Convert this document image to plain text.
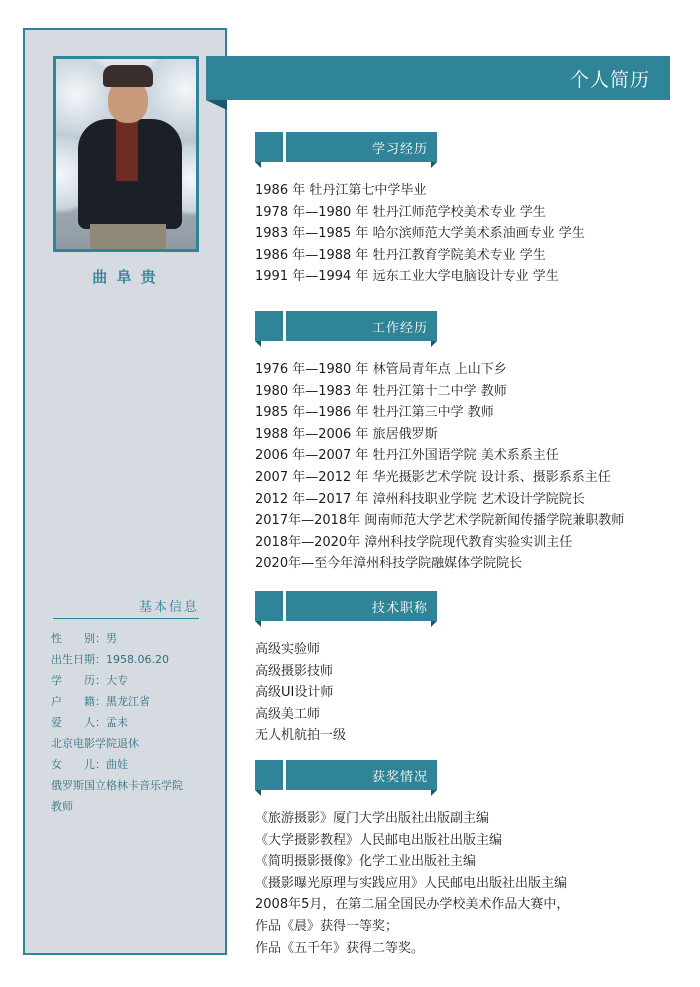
曲 阜 贵
基本信息
性　　别：男
出生日期：1958.06.20
学　　历：大专
户　　籍：黑龙江省
爱　　人：孟未
北京电影学院退休
女　　儿：曲娃
俄罗斯国立格林卡音乐学院
教师
个人简历
学习经历
1986 年 牡丹江第七中学毕业
1978 年—1980 年 牡丹江师范学校美术专业 学生
1983 年—1985 年 哈尔滨师范大学美术系油画专业 学生
1986 年—1988 年 牡丹江教育学院美术专业 学生
1991 年—1994 年 远东工业大学电脑设计专业 学生
工作经历
1976 年—1980 年 林管局青年点 上山下乡
1980 年—1983 年 牡丹江第十二中学 教师
1985 年—1986 年 牡丹江第三中学 教师
1988 年—2006 年 旅居俄罗斯
2006 年—2007 年 牡丹江外国语学院 美术系系主任
2007 年—2012 年 华光摄影艺术学院 设计系、摄影系系主任
2012 年—2017 年 漳州科技职业学院 艺术设计学院院长
2017年—2018年 闽南师范大学艺术学院新闻传播学院兼职教师
2018年—2020年 漳州科技学院现代教育实验实训主任
2020年—至今年漳州科技学院融媒体学院院长
技术职称
高级实验师
高级摄影技师
高级UI设计师
高级美工师
无人机航拍一级
获奖情况
《旅游摄影》厦门大学出版社出版副主编
《大学摄影教程》人民邮电出版社出版主编
《简明摄影摄像》化学工业出版社主编
《摄影曝光原理与实践应用》人民邮电出版社出版主编
2008年5月，在第二届全国民办学校美术作品大赛中，
作品《晨》获得一等奖；
作品《五千年》获得二等奖。
